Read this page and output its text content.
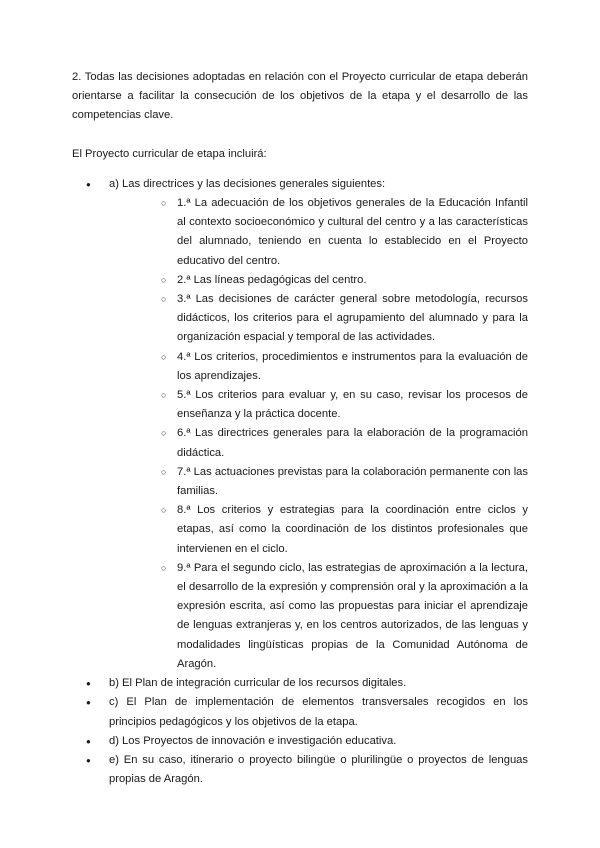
2. Todas las decisiones adoptadas en relación con el Proyecto curricular de etapa deberán orientarse a facilitar la consecución de los objetivos de la etapa y el desarrollo de las competencias clave.

El Proyecto curricular de etapa incluirá:

● a) Las directrices y las decisiones generales siguientes:
○ 1.ª La adecuación de los objetivos generales de la Educación Infantil al contexto socioeconómico y cultural del centro y a las características del alumnado, teniendo en cuenta lo establecido en el Proyecto educativo del centro.
○ 2.ª Las líneas pedagógicas del centro.
○ 3.ª Las decisiones de carácter general sobre metodología, recursos didácticos, los criterios para el agrupamiento del alumnado y para la organización espacial y temporal de las actividades.
○ 4.ª Los criterios, procedimientos e instrumentos para la evaluación de los aprendizajes.
○ 5.ª Los criterios para evaluar y, en su caso, revisar los procesos de enseñanza y la práctica docente.
○ 6.ª Las directrices generales para la elaboración de la programación didáctica.
○ 7.ª Las actuaciones previstas para la colaboración permanente con las familias.
○ 8.ª Los criterios y estrategias para la coordinación entre ciclos y etapas, así como la coordinación de los distintos profesionales que intervienen en el ciclo.
○ 9.ª Para el segundo ciclo, las estrategias de aproximación a la lectura, el desarrollo de la expresión y comprensión oral y la aproximación a la expresión escrita, así como las propuestas para iniciar el aprendizaje de lenguas extranjeras y, en los centros autorizados, de las lenguas y modalidades lingüísticas propias de la Comunidad Autónoma de Aragón.
● b) El Plan de integración curricular de los recursos digitales.
● c) El Plan de implementación de elementos transversales recogidos en los principios pedagógicos y los objetivos de la etapa.
● d) Los Proyectos de innovación e investigación educativa.
● e) En su caso, itinerario o proyecto bilingüe o plurilingüe o proyectos de lenguas propias de Aragón.
